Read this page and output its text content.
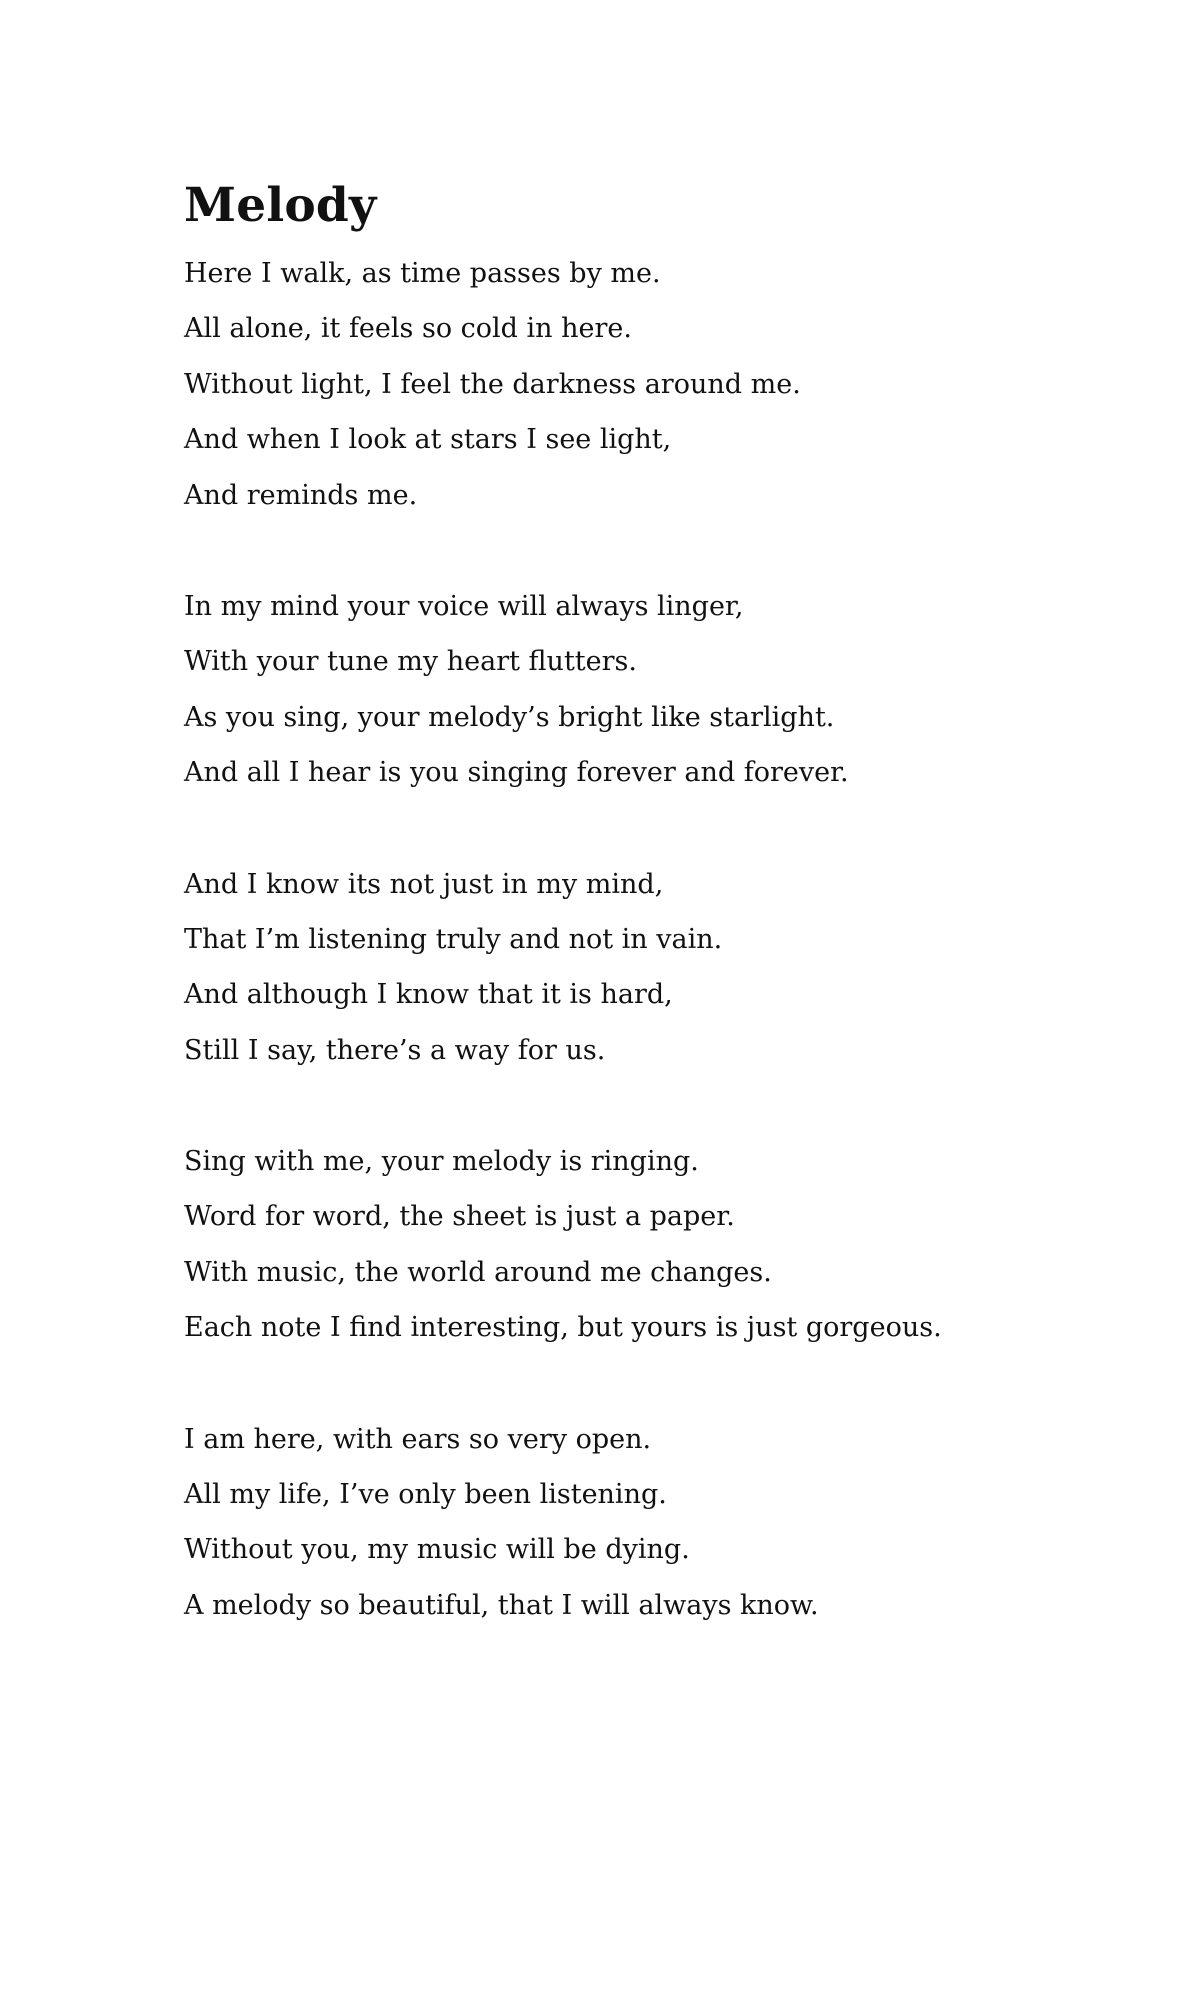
Melody

Here I walk, as time passes by me.

All alone, it feels so cold in here.

Without light, I feel the darkness around me.

And when I look at stars I see light,

And reminds me.

In my mind your voice will always linger,

With your tune my heart flutters.

As you sing, your melody’s bright like starlight.

And all I hear is you singing forever and forever.

And I know its not just in my mind,

That I’m listening truly and not in vain.

And although I know that it is hard,

Still I say, there’s a way for us.

Sing with me, your melody is ringing.

Word for word, the sheet is just a paper.

With music, the world around me changes.

Each note I find interesting, but yours is just gorgeous.

I am here, with ears so very open.

All my life, I’ve only been listening.

Without you, my music will be dying.

A melody so beautiful, that I will always know.
